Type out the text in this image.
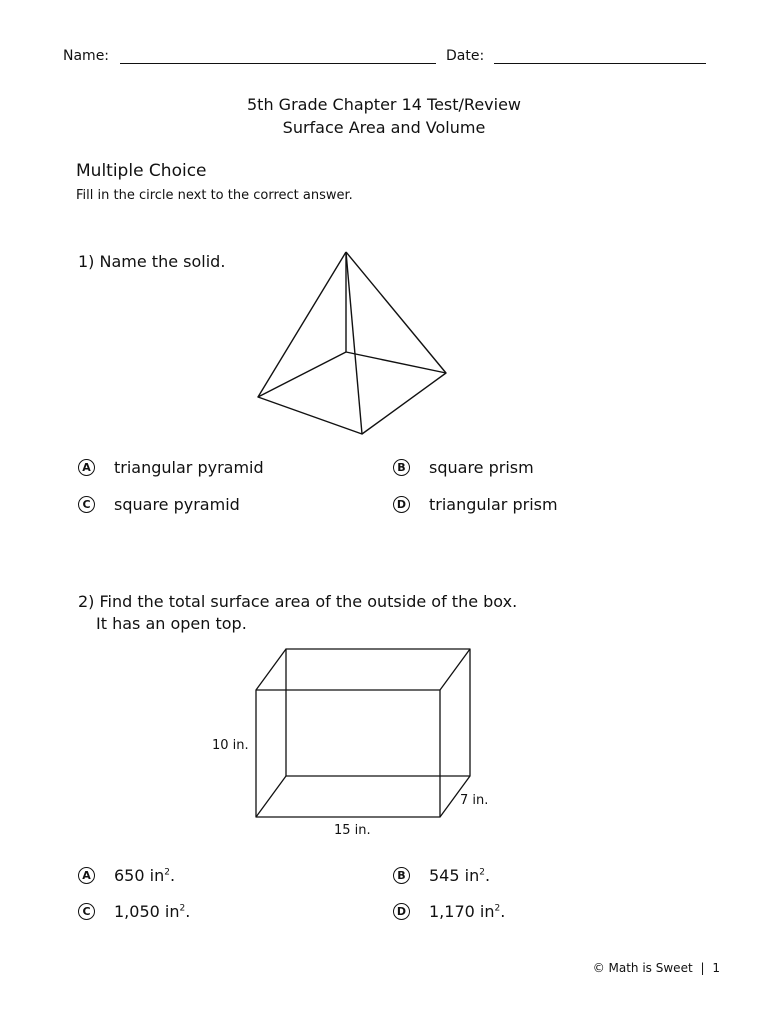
Name:	Date:
5th Grade Chapter 14 Test/Review
Surface Area and Volume
Multiple Choice
Fill in the circle next to the correct answer.
1) Name the solid.
A triangular pyramid	B square prism
C square pyramid	D triangular prism
2) Find the total surface area of the outside of the box.
It has an open top.
10 in.
7 in.
15 in.
A 650 $in^2$.	B 545 $in^2$.
C 1,050 $in^2$.	D 1,170 $in^2$.
© Math is Sweet | 1
